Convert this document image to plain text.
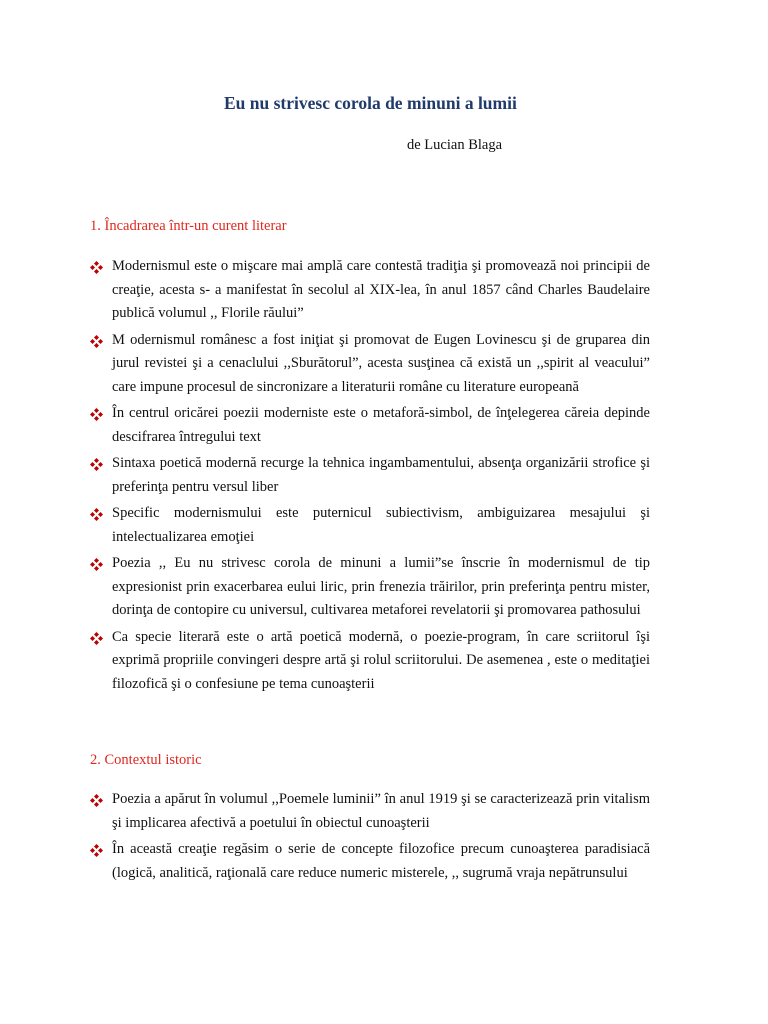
Eu nu strivesc corola de minuni a lumii
de Lucian Blaga
1. Încadrarea într-un curent literar

Modernismul este o mişcare mai amplă care contestă tradiţia şi promovează noi principii de creaţie, acesta s- a manifestat în secolul al XIX-lea, în anul 1857 când Charles Baudelaire publică volumul ,, Florile răului”

M odernismul românesc a fost iniţiat şi promovat de Eugen Lovinescu şi de gruparea din jurul revistei şi a cenaclului ,,Sburătorul”, acesta susţinea că există un ,,spirit al veacului” care impune procesul de sincronizare a literaturii române cu literature europeană

În centrul oricărei poezii moderniste este o metaforă-simbol, de înţelegerea căreia depinde descifrarea întregului text

Sintaxa poetică modernă recurge la tehnica ingambamentului, absenţa organizării strofice şi preferinţa pentru versul liber

Specific modernismului este puternicul subiectivism, ambiguizarea mesajului şi intelectualizarea emoţiei

Poezia ,, Eu nu strivesc corola de minuni a lumii”se înscrie în modernismul de tip expresionist prin exacerbarea eului liric, prin frenezia trăirilor, prin preferinţa pentru mister, dorinţa de contopire cu universul, cultivarea metaforei revelatorii şi promovarea pathosului

Ca specie literară este o artă poetică modernă, o poezie-program, în care scriitorul îşi exprimă propriile convingeri despre artă şi rolul scriitorului. De asemenea , este o meditaţiei filozofică şi o confesiune pe tema cunoaşterii

2. Contextul istoric

Poezia a apărut în volumul ,,Poemele luminii” în anul 1919 şi se caracterizează prin vitalism şi implicarea afectivă a poetului în obiectul cunoaşterii

În această creaţie regăsim o serie de concepte filozofice precum cunoaşterea paradisiacă (logică, analitică, raţională care reduce numeric misterele, ,, sugrumă vraja nepătrunsului
